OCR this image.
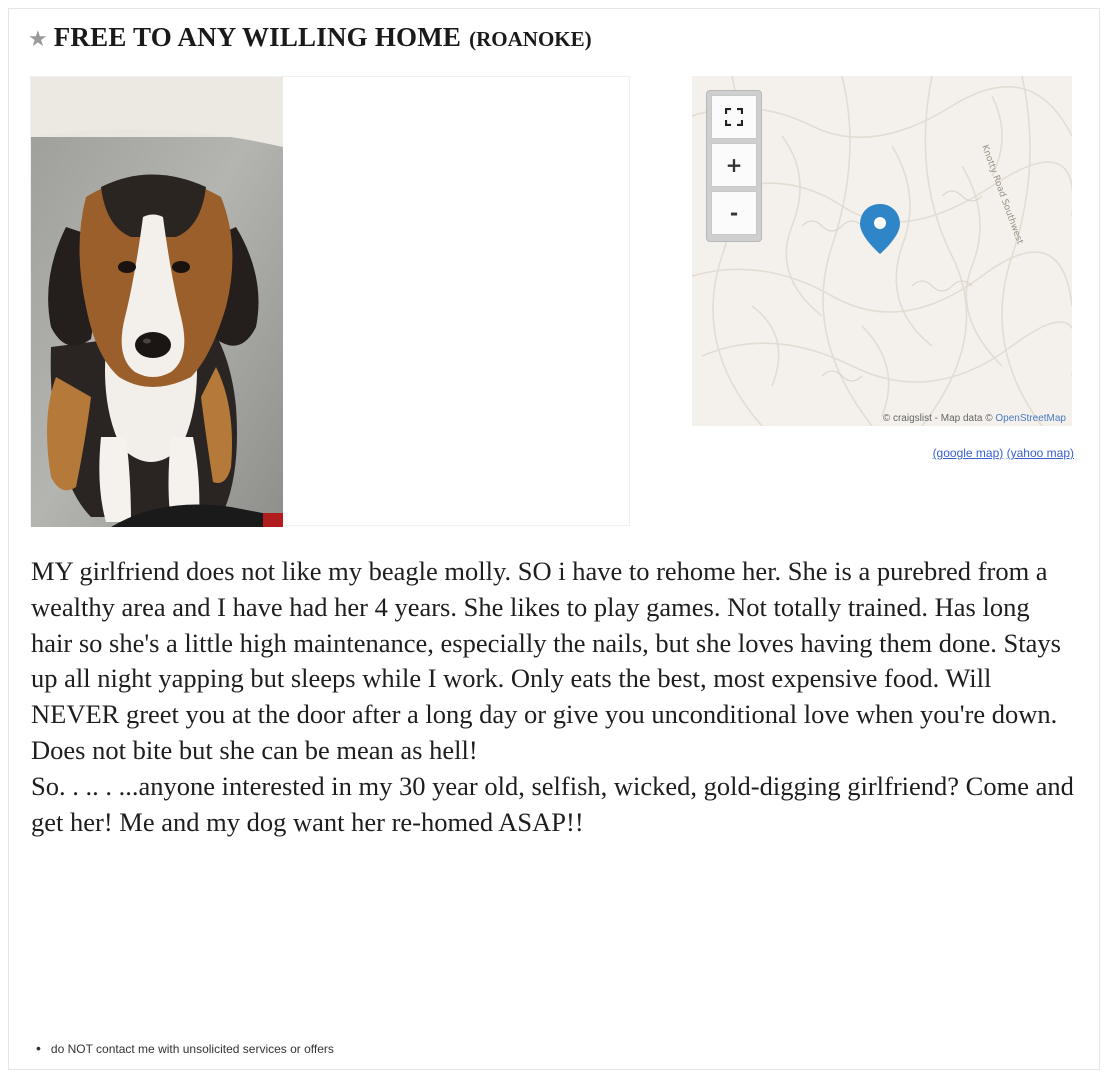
★ FREE TO ANY WILLING HOME (ROANOKE)
Knotty Road Southwest
+
-
© craigslist - Map data © OpenStreetMap
(google map) (yahoo map)

MY girlfriend does not like my beagle molly. SO i have to rehome her. She is a purebred from a wealthy area and I have had her 4 years. She likes to play games. Not totally trained. Has long hair so she's a little high maintenance, especially the nails, but she loves having them done. Stays up all night yapping but sleeps while I work. Only eats the best, most expensive food. Will NEVER greet you at the door after a long day or give you unconditional love when you're down. Does not bite but she can be mean as hell!

So. . .. . ...anyone interested in my 30 year old, selfish, wicked, gold-digging girlfriend? Come and get her! Me and my dog want her re-homed ASAP!!

• do NOT contact me with unsolicited services or offers
